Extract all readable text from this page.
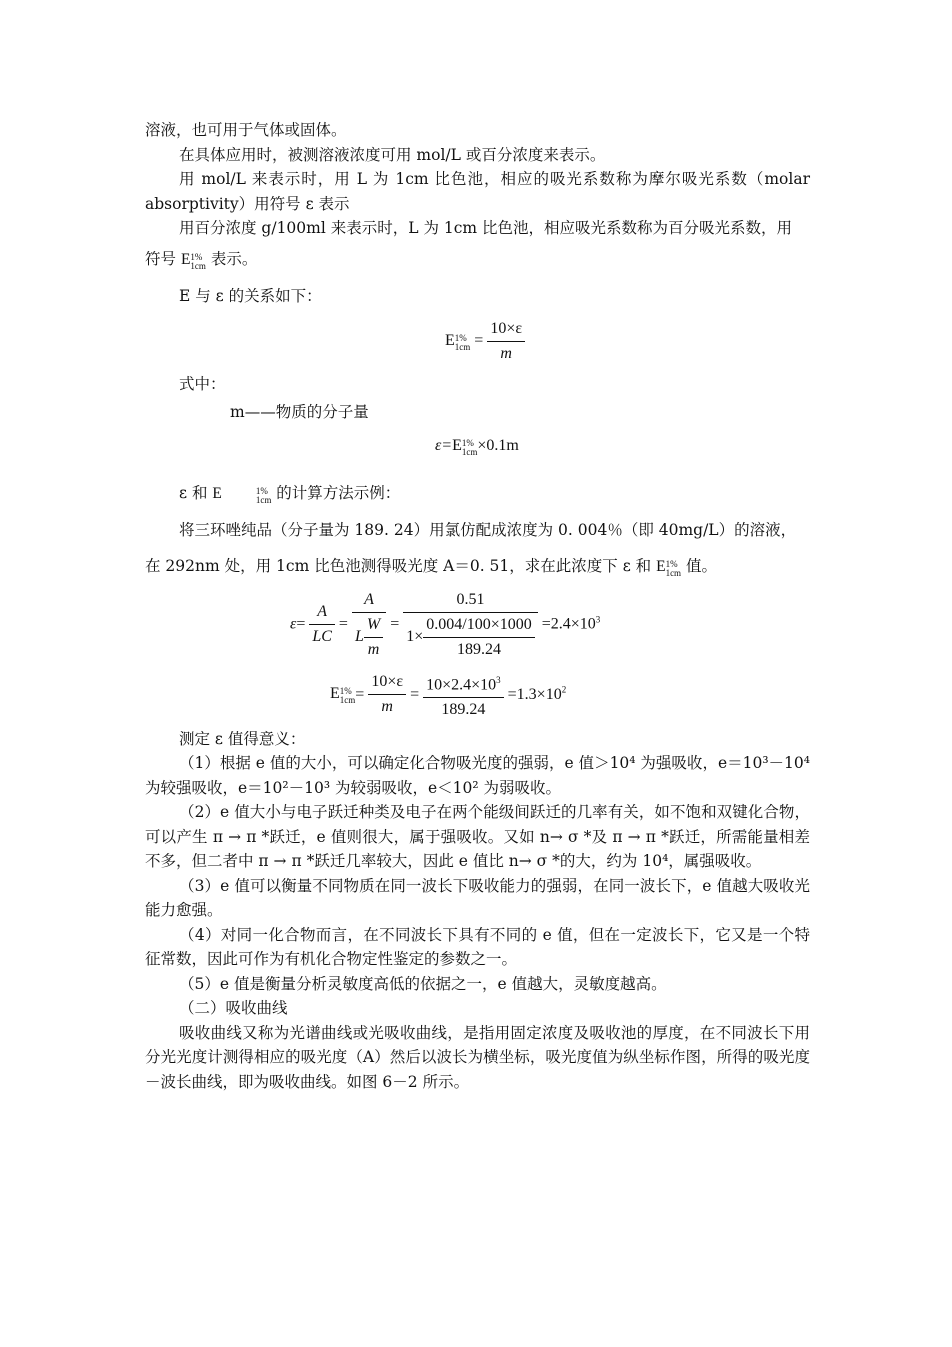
溶液，也可用于气体或固体。

在具体应用时，被测溶液浓度可用 mol/L 或百分浓度来表示。

用 mol/L 来表示时，用 L 为 1cm 比色池，相应的吸光系数称为摩尔吸光系数（molar absorptivity）用符号 ε 表示

用百分浓度 g/100ml 来表示时，L 为 1cm 比色池，相应吸光系数称为百分吸光系数，用

符号 E 1%
1cm 表示。

E 与 ε 的关系如下：

E 1%
$1cm = \frac{10\times\varepsilon}{m}$

式中：

m——物质的分子量

ε=E 1%
1cm ×0.1m

ε 和 E	1%
1cm 的计算方法示例：

将三环唑纯品（分子量为 189. 24）用氯仿配成浓度为 0. 004％（即 40mg/L）的溶液，

在 292nm 处，用 1cm 比色池测得吸光度 A＝0. 51，求在此浓度下 ε 和 E 1%
1cm 值。

$\varepsilon= \frac{A}{LC} = \frac{A}{L \frac{W}{m}} = \frac{0.51}{1\times \frac{0.004/100\times 1000}{189.24}} =2.4\times 10^3$
E 1%
$1cm = \frac{10\times\varepsilon}{m} = \frac{10\times 2.4\times 10^3}{189.24} =1.3\times 10^2$

测定 ε 值得意义：

（1）根据 e 值的大小，可以确定化合物吸光度的强弱，e 值＞10⁴ 为强吸收，e＝10³－10⁴ 为较强吸收，e＝10²－10³ 为较弱吸收，e＜10² 为弱吸收。

（2）e 值大小与电子跃迁种类及电子在两个能级间跃迁的几率有关，如不饱和双键化合物，可以产生 π → π *跃迁，e 值则很大，属于强吸收。又如 n→ σ *及 π → π *跃迁，所需能量相差不多，但二者中 π → π *跃迁几率较大，因此 e 值比 n→ σ *的大，约为 10⁴，属强吸收。

（3）e 值可以衡量不同物质在同一波长下吸收能力的强弱，在同一波长下，e 值越大吸收光能力愈强。

（4）对同一化合物而言，在不同波长下具有不同的 e 值，但在一定波长下，它又是一个特征常数，因此可作为有机化合物定性鉴定的参数之一。

（5）e 值是衡量分析灵敏度高低的依据之一，e 值越大，灵敏度越高。

（二）吸收曲线

吸收曲线又称为光谱曲线或光吸收曲线，是指用固定浓度及吸收池的厚度，在不同波长下用分光光度计测得相应的吸光度（A）然后以波长为横坐标，吸光度值为纵坐标作图，所得的吸光度－波长曲线，即为吸收曲线。如图 6－2 所示。
